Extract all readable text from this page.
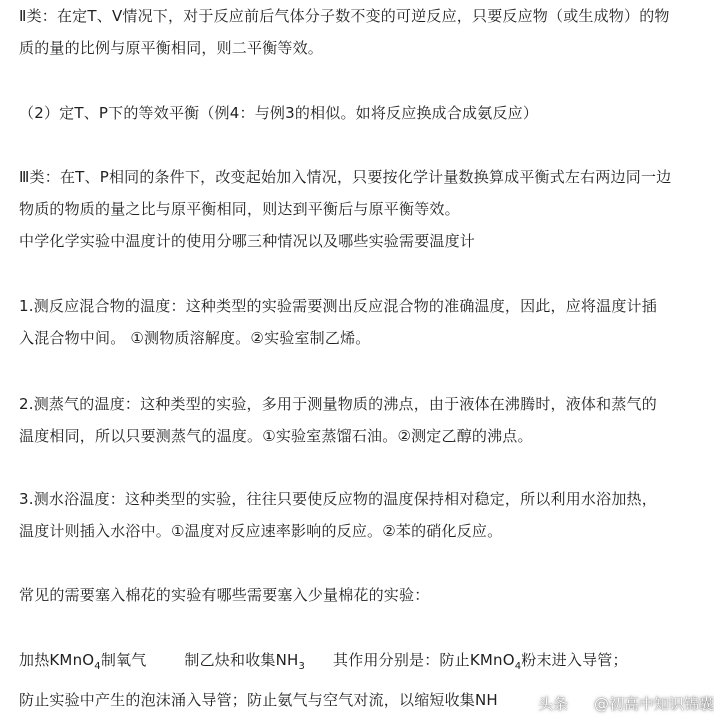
Ⅱ类：在定T、V情况下，对于反应前后气体分子数不变的可逆反应，只要反应物（或生成物）的物
质的量的比例与原平衡相同，则二平衡等效。
（2）定T、P下的等效平衡（例4：与例3的相似。如将反应换成合成氨反应）
Ⅲ类：在T、P相同的条件下，改变起始加入情况，只要按化学计量数换算成平衡式左右两边同一边
物质的物质的量之比与原平衡相同，则达到平衡后与原平衡等效。
中学化学实验中温度计的使用分哪三种情况以及哪些实验需要温度计
1.测反应混合物的温度：这种类型的实验需要测出反应混合物的准确温度，因此，应将温度计插
入混合物中间。 ①测物质溶解度。②实验室制乙烯。
2.测蒸气的温度：这种类型的实验，多用于测量物质的沸点，由于液体在沸腾时，液体和蒸气的
温度相同，所以只要测蒸气的温度。①实验室蒸馏石油。②测定乙醇的沸点。
3.测水浴温度：这种类型的实验，往往只要使反应物的温度保持相对稳定，所以利用水浴加热，
温度计则插入水浴中。①温度对反应速率影响的反应。②苯的硝化反应。
常见的需要塞入棉花的实验有哪些需要塞入少量棉花的实验：
加热KMnO$_4$制氧气	制乙炔和收集$NH_3$ 其作用分别是：防止KMnO$_4$粉末进入导管；
防止实验中产生的泡沫涌入导管；防止氨气与空气对流，以缩短收集NH	头条 @初高中知识锦囊
